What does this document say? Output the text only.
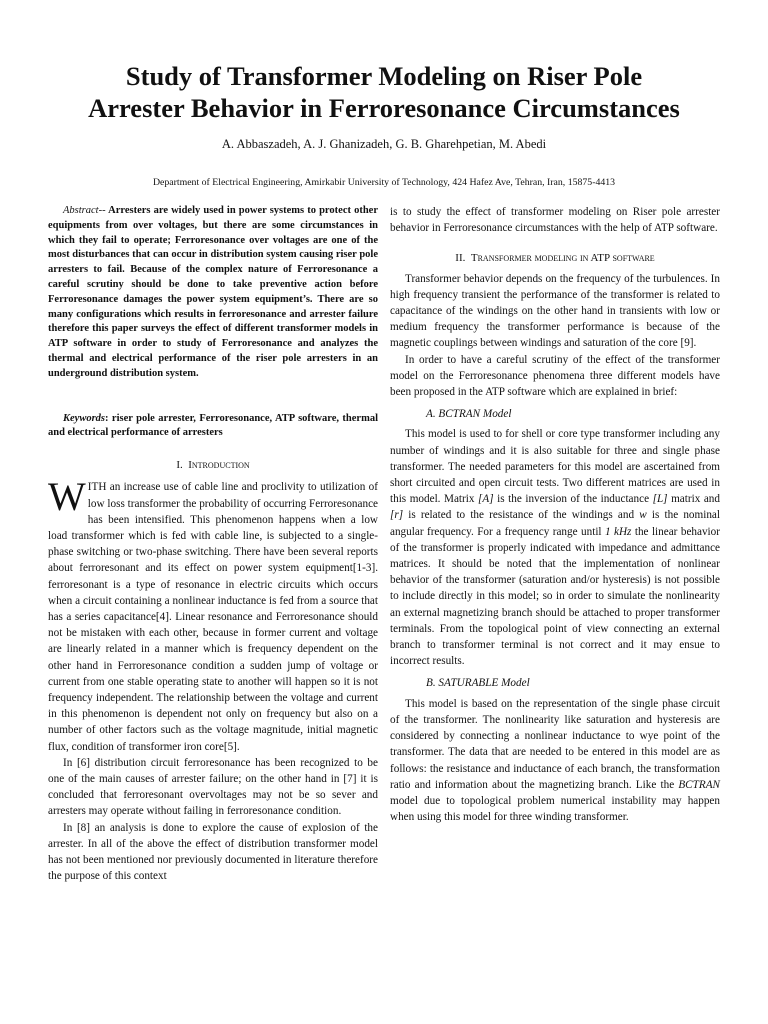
Study of Transformer Modeling on Riser Pole
Arrester Behavior in Ferroresonance Circumstances
A. Abbaszadeh, A. J. Ghanizadeh, G. B. Gharehpetian, M. Abedi
Department of Electrical Engineering, Amirkabir University of Technology, 424 Hafez Ave, Tehran, Iran, 15875-4413

Abstract-- Arresters are widely used in power systems to protect other equipments from over voltages, but there are some circumstances in which they fail to operate; Ferroresonance over voltages are one of the most disturbances that can occur in distribution system causing riser pole arresters to fail. Because of the complex nature of Ferroresonance a careful scrutiny should be done to take preventive action before Ferroresonance damages the power system equipment’s. There are so many configurations which results in ferroresonance and arrester failure therefore this paper surveys the effect of different transformer models in ATP software in order to study of Ferroresonance and analyzes the thermal and electrical performance of the riser pole arresters in an underground distribution system.

Keywords: riser pole arrester, Ferroresonance, ATP software, thermal and electrical performance of arresters

I. Introduction

WITH an increase use of cable line and proclivity to utilization of low loss transformer the probability of occurring Ferroresonance has been intensified. This phenomenon happens when a low load transformer which is fed with cable line, is subjected to a single-phase switching or two-phase switching. There have been several reports about ferroresonant and its effect on power system equipment[1-3]. ferroresonant is a type of resonance in electric circuits which occurs when a circuit containing a nonlinear inductance is fed from a source that has a series capacitance[4]. Linear resonance and Ferroresonance should not be mistaken with each other, because in former current and voltage are linearly related in a manner which is frequency dependent on the other hand in Ferroresonance condition a sudden jump of voltage or current from one stable operating state to another will happen so it is not frequency independent. The relationship between the voltage and current in this phenomenon is dependent not only on frequency but also on a number of other factors such as the voltage magnitude, initial magnetic flux, condition of transformer iron core[5].

In [6] distribution circuit ferroresonance has been recognized to be one of the main causes of arrester failure; on the other hand in [7] it is concluded that ferroresonant overvoltages may not be so sever and arresters may operate without failing in ferroresonance condition.

In [8] an analysis is done to explore the cause of explosion of the arrester. In all of the above the effect of distribution transformer model has not been mentioned nor previously documented in literature therefore the purpose of this context

is to study the effect of transformer modeling on Riser pole arrester behavior in Ferroresonance circumstances with the help of ATP software.

II. Transformer modeling in ATP software

Transformer behavior depends on the frequency of the turbulences. In high frequency transient the performance of the transformer is related to capacitance of the windings on the other hand in transients with low or medium frequency the transformer performance is because of the magnetic couplings between windings and saturation of the core [9].

In order to have a careful scrutiny of the effect of the transformer model on the Ferroresonance phenomena three different models have been proposed in the ATP software which are explained in brief:

A. BCTRAN Model

This model is used to for shell or core type transformer including any number of windings and it is also suitable for three and single phase transformer. The needed parameters for this model are ascertained from short circuited and open circuit tests. Two different matrices are used in this model. Matrix [A] is the inversion of the inductance [L] matrix and [r] is related to the resistance of the windings and w is the nominal angular frequency. For a frequency range until 1 kHz the linear behavior of the transformer is properly indicated with impedance and admittance matrices. It should be noted that the implementation of nonlinear behavior of the transformer (saturation and/or hysteresis) is not possible to include directly in this model; so in order to simulate the nonlinearity an external magnetizing branch should be attached to proper transformer terminals. From the topological point of view connecting an external branch to transformer terminal is not correct and it may ensue to incorrect results.

B. SATURABLE Model

This model is based on the representation of the single phase circuit of the transformer. The nonlinearity like saturation and hysteresis are considered by connecting a nonlinear inductance to wye point of the transformer. The data that are needed to be entered in this model are as follows: the resistance and inductance of each branch, the transformation ratio and information about the magnetizing branch. Like the BCTRAN model due to topological problem numerical instability may happen when using this model for three winding transformer.
